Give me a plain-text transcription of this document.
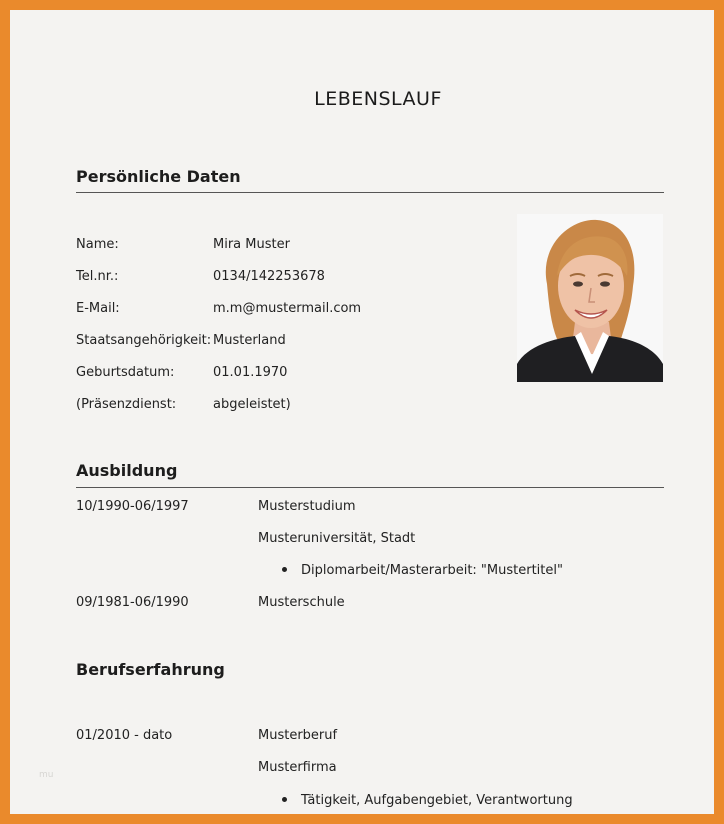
LEBENSLAUF
Persönliche Daten
Name:	Mira Muster
Tel.nr.:	0134/142253678
E-Mail:	m.m@mustermail.com
Staatsangehörigkeit: Musterland
Geburtsdatum:	01.01.1970
(Präsenzdienst:	abgeleistet)
Ausbildung
10/1990-06/1997	Musterstudium
Musteruniversität, Stadt
Diplomarbeit/Masterarbeit: "Mustertitel"
09/1981-06/1990	Musterschule
Berufserfahrung
01/2010 - dato	Musterberuf
Musterfirma
Tätigkeit, Aufgabengebiet, Verantwortung
mu
